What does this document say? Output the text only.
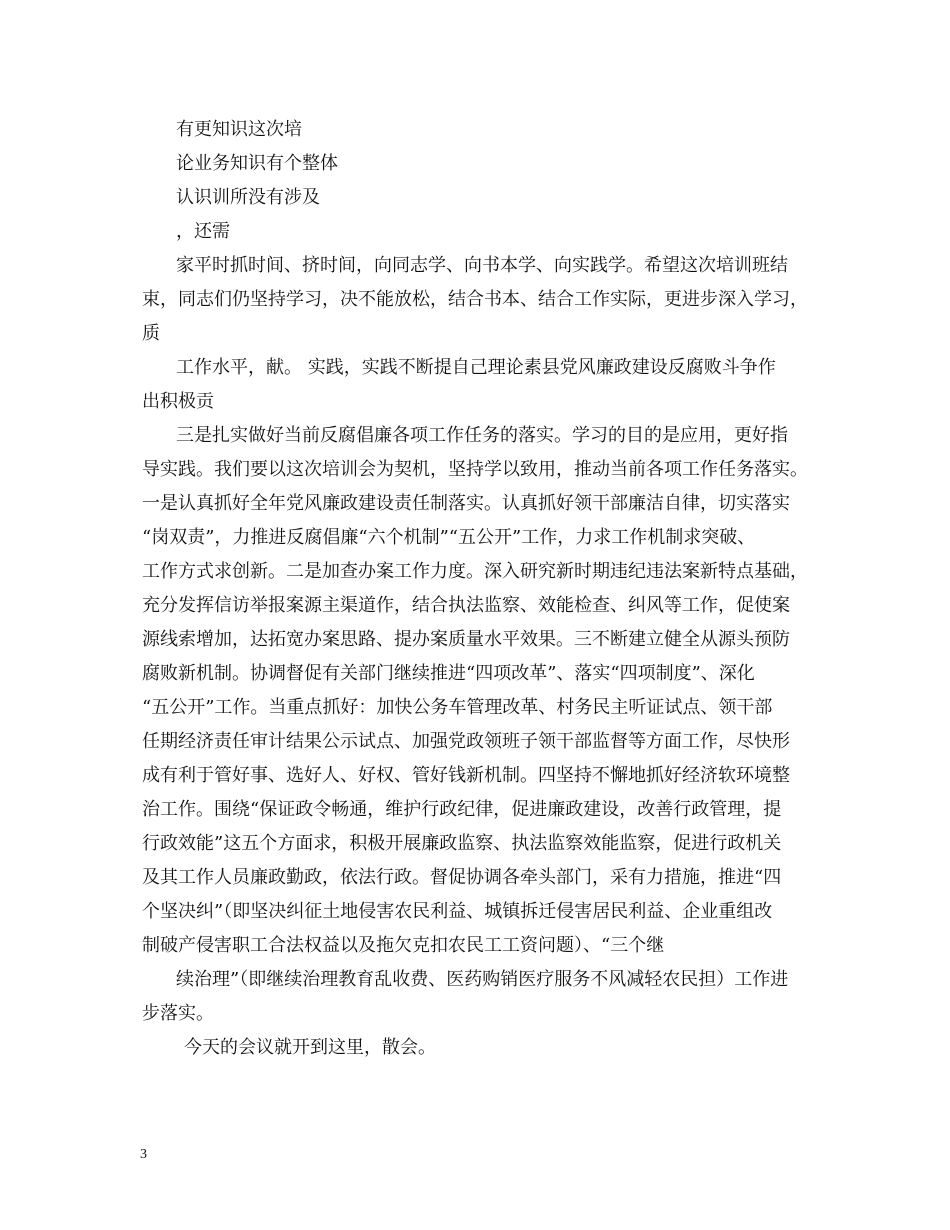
有更知识这次培
论业务知识有个整体
认识训所没有涉及
，还需
家平时抓时间、挤时间，向同志学、向书本学、向实践学。希望这次培训班结
束，同志们仍坚持学习，决不能放松，结合书本、结合工作实际，更进步深入学习，
质
工作水平，献。 实践，实践不断提自己理论素县党风廉政建设反腐败斗争作
出积极贡
三是扎实做好当前反腐倡廉各项工作任务的落实。学习的目的是应用，更好指
导实践。我们要以这次培训会为契机，坚持学以致用，推动当前各项工作任务落实。
一是认真抓好全年党风廉政建设责任制落实。认真抓好领干部廉洁自律，切实落实
“岗双责”，力推进反腐倡廉“六个机制”“五公开”工作，力求工作机制求突破、
工作方式求创新。二是加查办案工作力度。深入研究新时期违纪违法案新特点基础，
充分发挥信访举报案源主渠道作，结合执法监察、效能检查、纠风等工作，促使案
源线索增加，达拓宽办案思路、提办案质量水平效果。三不断建立健全从源头预防
腐败新机制。协调督促有关部门继续推进“四项改革”、落实“四项制度”、深化
“五公开”工作。当重点抓好：加快公务车管理改革、村务民主听证试点、领干部
任期经济责任审计结果公示试点、加强党政领班子领干部监督等方面工作，尽快形
成有利于管好事、选好人、好权、管好钱新机制。四坚持不懈地抓好经济软环境整
治工作。围绕“保证政令畅通，维护行政纪律，促进廉政建设，改善行政管理，提
行政效能”这五个方面求，积极开展廉政监察、执法监察效能监察，促进行政机关
及其工作人员廉政勤政，依法行政。督促协调各牵头部门，采有力措施，推进“四
个坚决纠”（即坚决纠征土地侵害农民利益、城镇拆迁侵害居民利益、企业重组改
制破产侵害职工合法权益以及拖欠克扣农民工工资问题）、“三个继
续治理”（即继续治理教育乱收费、医药购销医疗服务不风减轻农民担）工作进
步落实。
今天的会议就开到这里，散会。
3
